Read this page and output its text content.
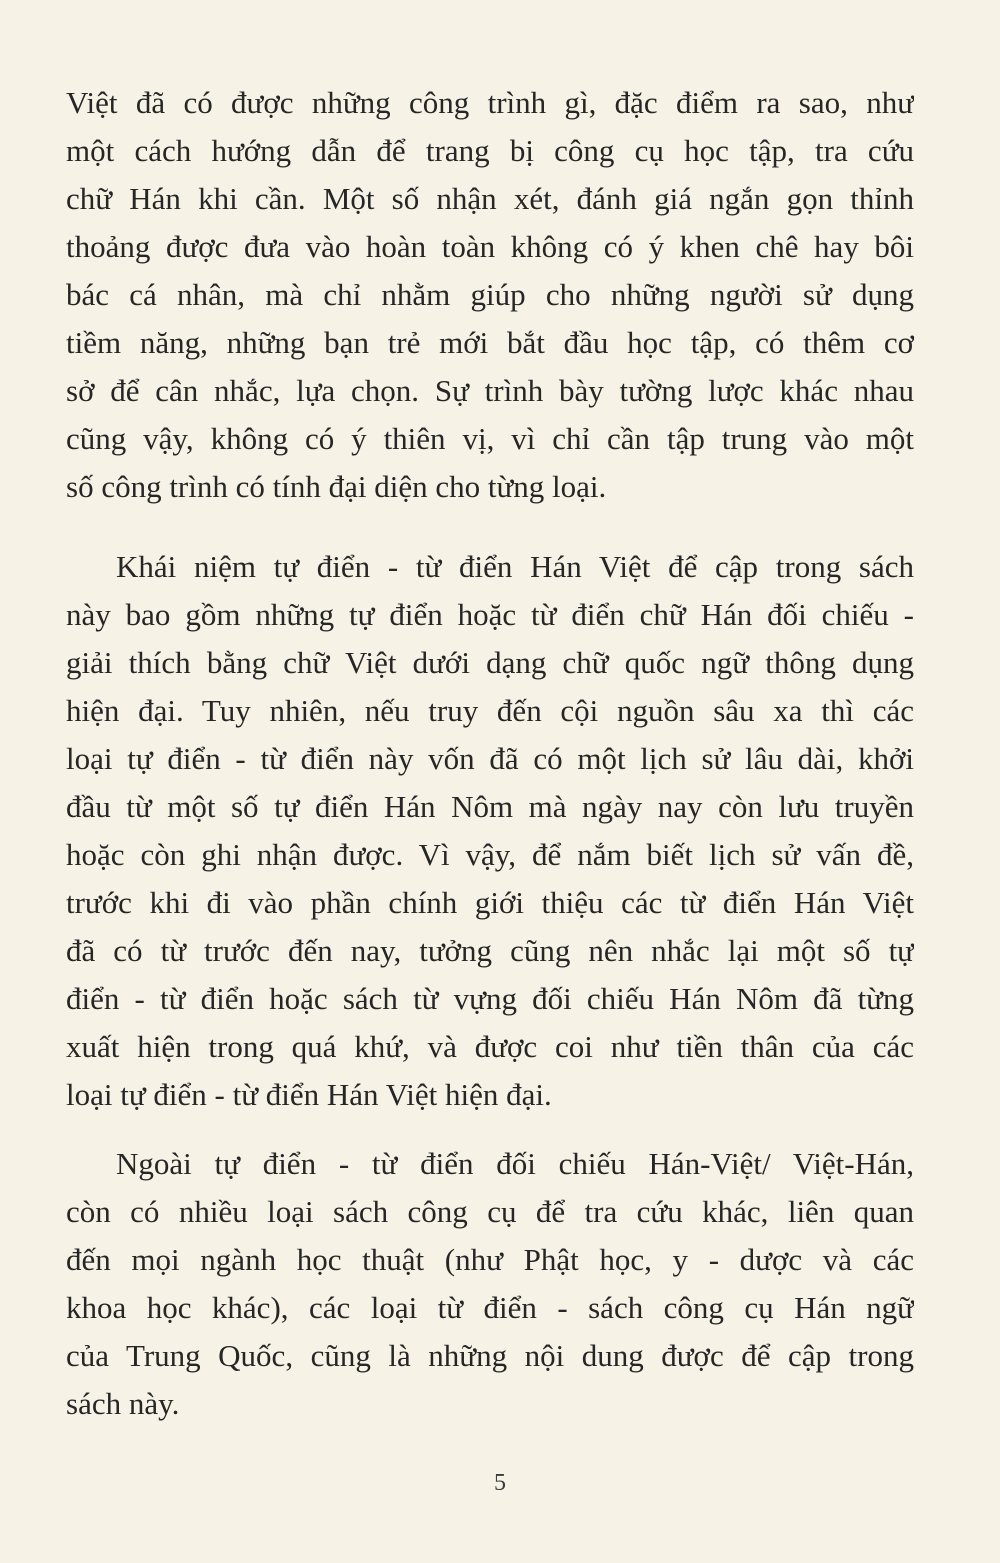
Việt đã có được những công trình gì, đặc điểm ra sao, như
một cách hướng dẫn để trang bị công cụ học tập, tra cứu
chữ Hán khi cần. Một số nhận xét, đánh giá ngắn gọn thỉnh
thoảng được đưa vào hoàn toàn không có ý khen chê hay bôi
bác cá nhân, mà chỉ nhằm giúp cho những người sử dụng
tiềm năng, những bạn trẻ mới bắt đầu học tập, có thêm cơ
sở để cân nhắc, lựa chọn. Sự trình bày tường lược khác nhau
cũng vậy, không có ý thiên vị, vì chỉ cần tập trung vào một
số công trình có tính đại diện cho từng loại.
Khái niệm tự điển - từ điển Hán Việt để cập trong sách
này bao gồm những tự điển hoặc từ điển chữ Hán đối chiếu -
giải thích bằng chữ Việt dưới dạng chữ quốc ngữ thông dụng
hiện đại. Tuy nhiên, nếu truy đến cội nguồn sâu xa thì các
loại tự điển - từ điển này vốn đã có một lịch sử lâu dài, khởi
đầu từ một số tự điển Hán Nôm mà ngày nay còn lưu truyền
hoặc còn ghi nhận được. Vì vậy, để nắm biết lịch sử vấn đề,
trước khi đi vào phần chính giới thiệu các từ điển Hán Việt
đã có từ trước đến nay, tưởng cũng nên nhắc lại một số tự
điển - từ điển hoặc sách từ vựng đối chiếu Hán Nôm đã từng
xuất hiện trong quá khứ, và được coi như tiền thân của các
loại tự điển - từ điển Hán Việt hiện đại.
Ngoài tự điển - từ điển đối chiếu Hán-Việt/ Việt-Hán,
còn có nhiều loại sách công cụ để tra cứu khác, liên quan
đến mọi ngành học thuật (như Phật học, y - dược và các
khoa học khác), các loại từ điển - sách công cụ Hán ngữ
của Trung Quốc, cũng là những nội dung được để cập trong
sách này.
5
